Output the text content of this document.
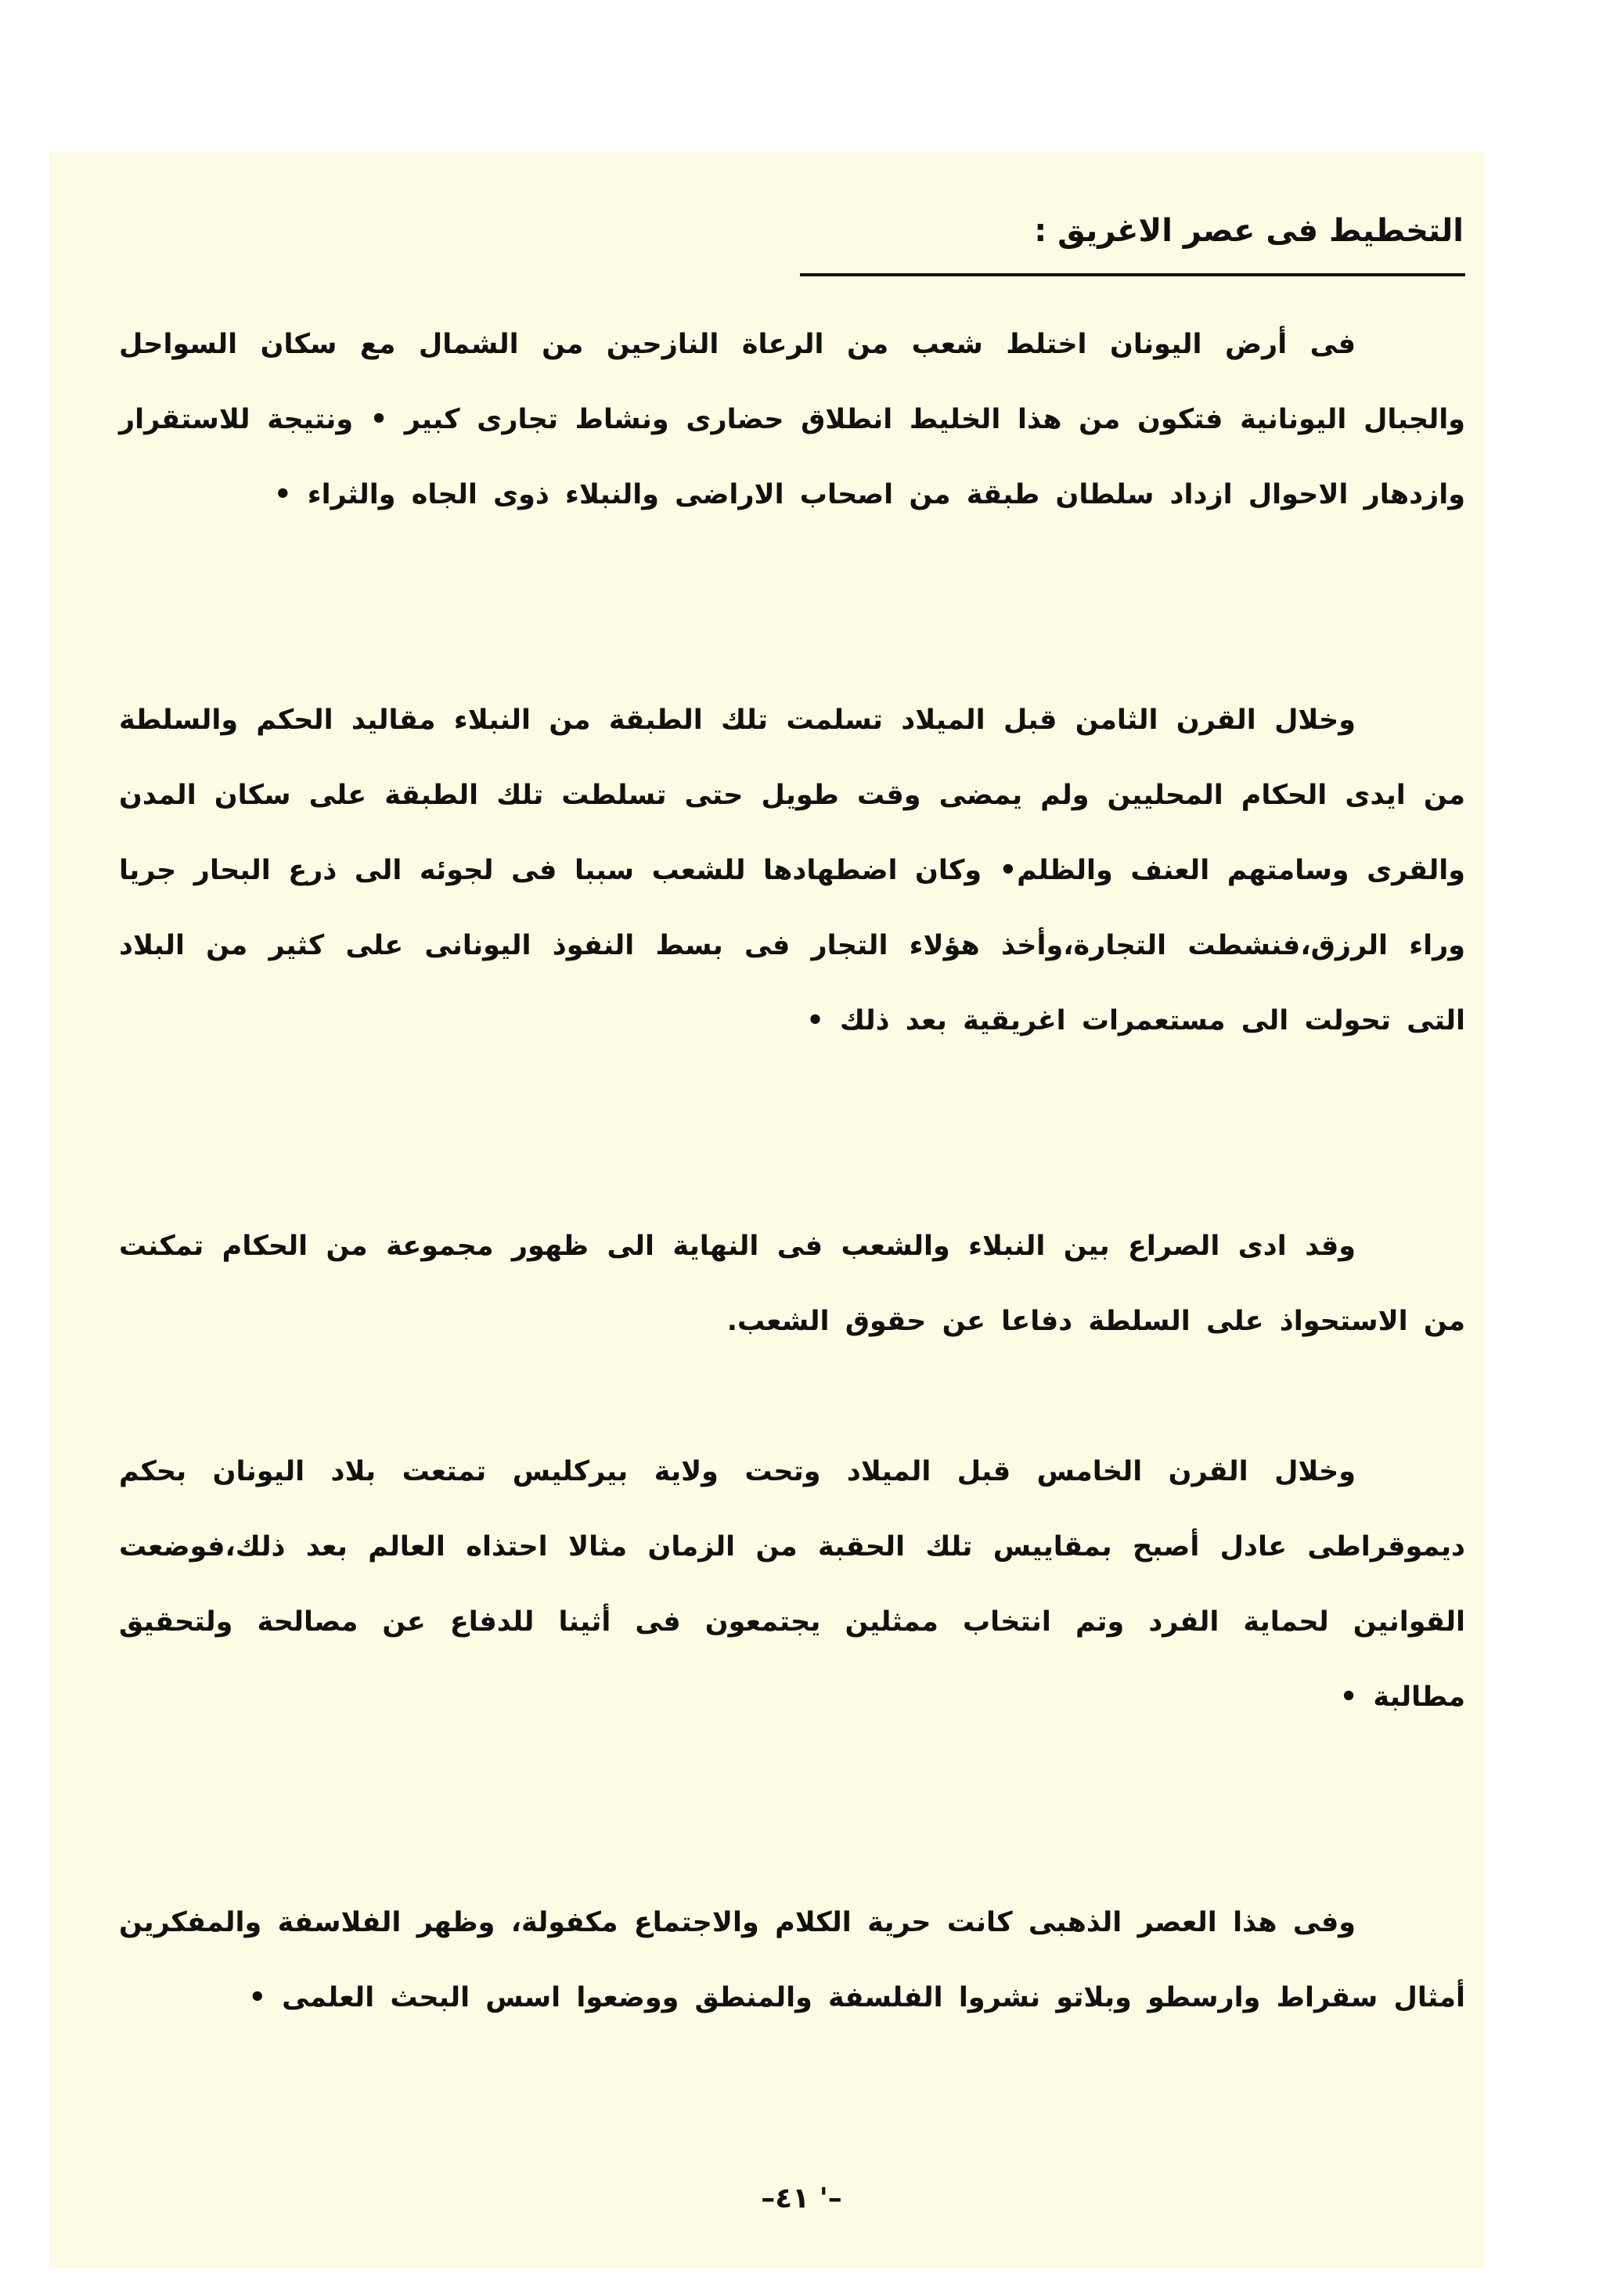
التخطيط فى عصر الاغريق :

فى أرض اليونان اختلط شعب من الرعاة النازحين من الشمال مع سكان السواحل والجبال اليونانية فتكون من هذا الخليط انطلاق حضارى ونشاط تجارى كبير • ونتيجة للاستقرار وازدهار الاحوال ازداد سلطان طبقة من اصحاب الاراضى والنبلاء ذوى الجاه والثراء •

وخلال القرن الثامن قبل الميلاد تسلمت تلك الطبقة من النبلاء مقاليد الحكم والسلطة من ايدى الحكام المحليين ولم يمضى وقت طويل حتى تسلطت تلك الطبقة على سكان المدن والقرى وسامتهم العنف والظلم• وكان اضطهادها للشعب سببا فى لجوئه الى ذرع البحار جريا وراء الرزق،فنشطت التجارة،وأخذ هؤلاء التجار فى بسط النفوذ اليونانى على كثير من البلاد التى تحولت الى مستعمرات اغريقية بعد ذلك •

وقد ادى الصراع بين النبلاء والشعب فى النهاية الى ظهور مجموعة من الحكام تمكنت من الاستحواذ على السلطة دفاعا عن حقوق الشعب.

وخلال القرن الخامس قبل الميلاد وتحت ولاية بيركليس تمتعت بلاد اليونان بحكم ديموقراطى عادل أصبح بمقاييس تلك الحقبة من الزمان مثالا احتذاه العالم بعد ذلك،فوضعت القوانين لحماية الفرد وتم انتخاب ممثلين يجتمعون فى أثينا للدفاع عن مصالحة ولتحقيق مطالبة •

وفى هذا العصر الذهبى كانت حرية الكلام والاجتماع مكفولة، وظهر الفلاسفة والمفكرين أمثال سقراط وارسطو وبلاتو نشروا الفلسفة والمنطق ووضعوا اسس البحث العلمى •

–٤١ '–
